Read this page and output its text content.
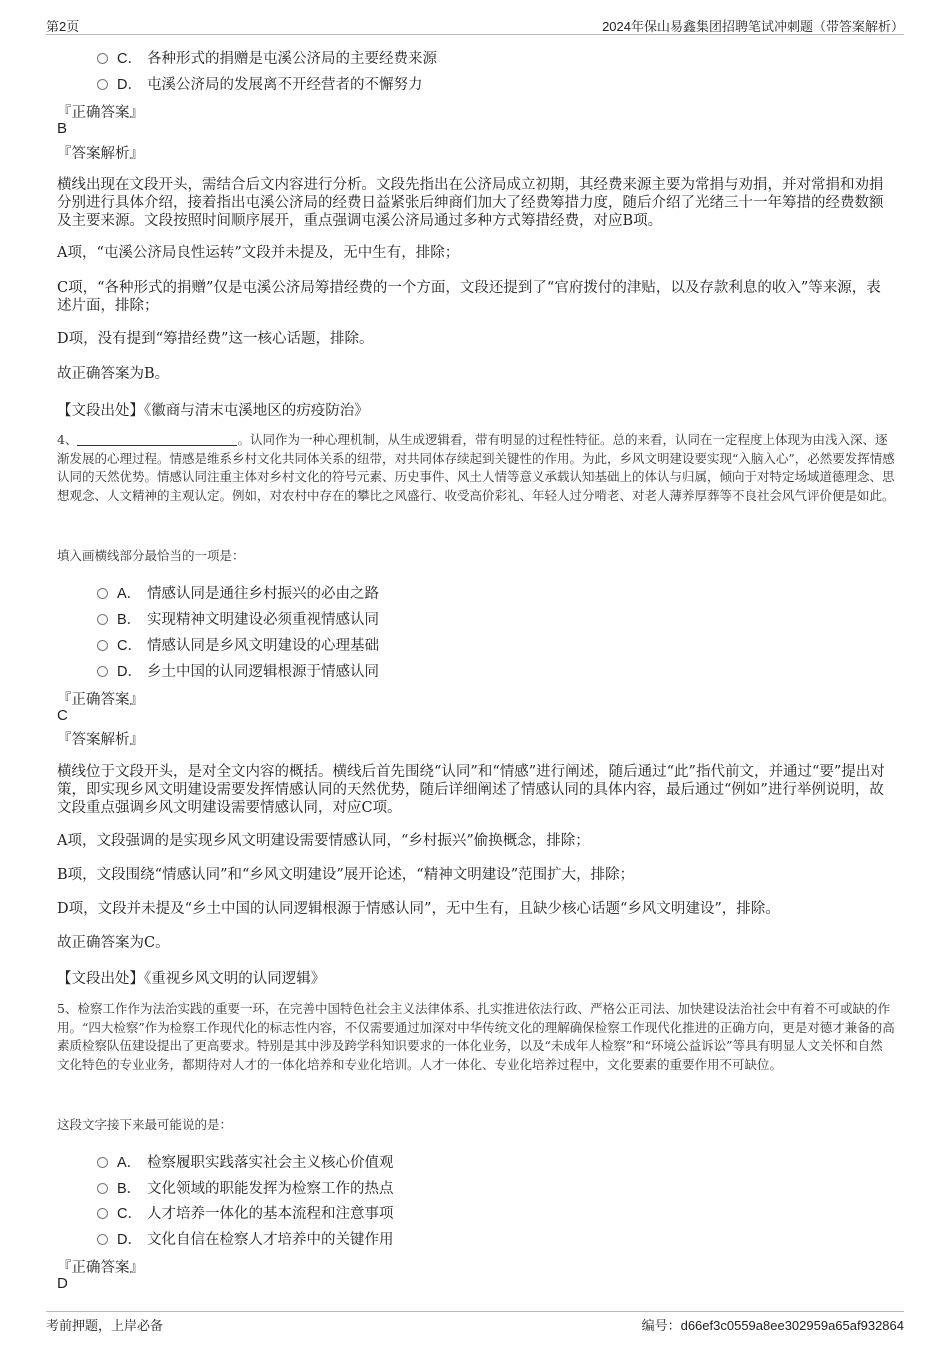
第2页	2024年保山易鑫集团招聘笔试冲刺题（带答案解析）
C． 各种形式的捐赠是屯溪公济局的主要经费来源
D． 屯溪公济局的发展离不开经营者的不懈努力
『正确答案』
B
『答案解析』
横线出现在文段开头，需结合后文内容进行分析。文段先指出在公济局成立初期，其经费来源主要为常捐与劝捐，并对常捐和劝捐分别进行具体介绍，接着指出屯溪公济局的经费日益紧张后绅商们加大了经费筹措力度，随后介绍了光绪三十一年筹措的经费数额及主要来源。文段按照时间顺序展开，重点强调屯溪公济局通过多种方式筹措经费，对应B项。
A项，“屯溪公济局良性运转”文段并未提及，无中生有，排除；
C项，“各种形式的捐赠”仅是屯溪公济局筹措经费的一个方面，文段还提到了“官府拨付的津贴，以及存款利息的收入”等来源，表述片面，排除；
D项，没有提到“筹措经费”这一核心话题，排除。
故正确答案为B。
【文段出处】《徽商与清末屯溪地区的疠疫防治》
4、	。认同作为一种心理机制，从生成逻辑看，带有明显的过程性特征。总的来看，认同在一定程度上体现为由浅入深、逐渐发展的心理过程。情感是维系乡村文化共同体关系的纽带，对共同体存续起到关键性的作用。为此，乡风文明建设要实现“入脑入心”，必然要发挥情感认同的天然优势。情感认同注重主体对乡村文化的符号元素、历史事件、风土人情等意义承载认知基础上的体认与归属，倾向于对特定场域道德理念、思想观念、人文精神的主观认定。例如，对农村中存在的攀比之风盛行、收受高价彩礼、年轻人过分啃老、对老人薄养厚葬等不良社会风气评价便是如此。
填入画横线部分最恰当的一项是：
A． 情感认同是通往乡村振兴的必由之路
B． 实现精神文明建设必须重视情感认同
C． 情感认同是乡风文明建设的心理基础
D． 乡土中国的认同逻辑根源于情感认同
『正确答案』
C
『答案解析』
横线位于文段开头，是对全文内容的概括。横线后首先围绕“认同”和“情感”进行阐述，随后通过“此”指代前文，并通过“要”提出对策，即实现乡风文明建设需要发挥情感认同的天然优势，随后详细阐述了情感认同的具体内容，最后通过“例如”进行举例说明，故文段重点强调乡风文明建设需要情感认同，对应C项。
A项，文段强调的是实现乡风文明建设需要情感认同，“乡村振兴”偷换概念，排除；
B项，文段围绕“情感认同”和“乡风文明建设”展开论述，“精神文明建设”范围扩大，排除；
D项，文段并未提及“乡土中国的认同逻辑根源于情感认同”，无中生有，且缺少核心话题“乡风文明建设”，排除。
故正确答案为C。
【文段出处】《重视乡风文明的认同逻辑》
5、检察工作作为法治实践的重要一环，在完善中国特色社会主义法律体系、扎实推进依法行政、严格公正司法、加快建设法治社会中有着不可或缺的作用。“四大检察”作为检察工作现代化的标志性内容，不仅需要通过加深对中华传统文化的理解确保检察工作现代化推进的正确方向，更是对德才兼备的高素质检察队伍建设提出了更高要求。特别是其中涉及跨学科知识要求的一体化业务，以及“未成年人检察”和“环境公益诉讼”等具有明显人文关怀和自然文化特色的专业业务，都期待对人才的一体化培养和专业化培训。人才一体化、专业化培养过程中，文化要素的重要作用不可缺位。
这段文字接下来最可能说的是：
A． 检察履职实践落实社会主义核心价值观
B． 文化领域的职能发挥为检察工作的热点
C． 人才培养一体化的基本流程和注意事项
D． 文化自信在检察人才培养中的关键作用
『正确答案』
D
考前押题，上岸必备	编号：d66ef3c0559a8ee302959a65af932864
